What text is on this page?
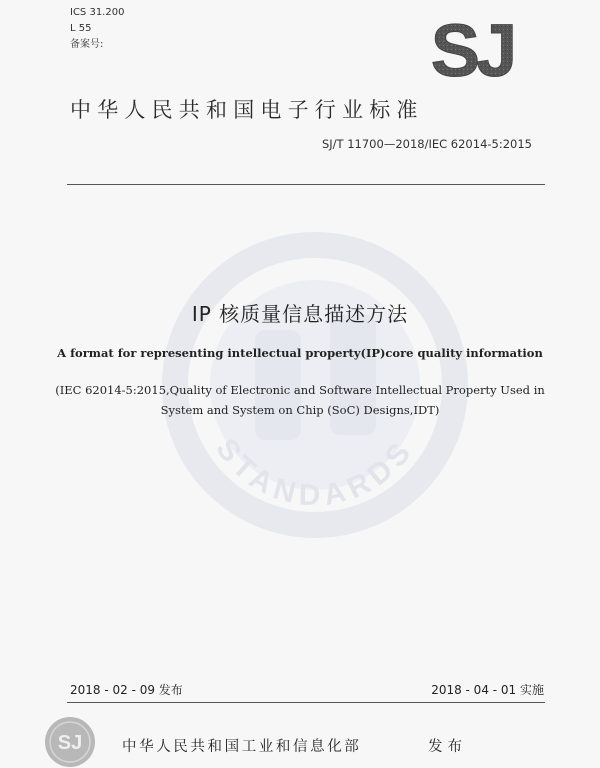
ICS 31.200
L 55
备案号:	SJ
中华人民共和国电子行业标准
SJ/T 11700—2018/IEC 62014-5:2015
STANDARDS
IP 核质量信息描述方法
A format for representing intellectual property(IP)core quality information
(IEC 62014-5:2015,Quality of Electronic and Software Intellectual Property Used in
System and System on Chip (SoC) Designs,IDT)
2018 - 02 - 09 发布	2018 - 04 - 01 实施
SJ	中华人民共和国工业和信息化部	发布
